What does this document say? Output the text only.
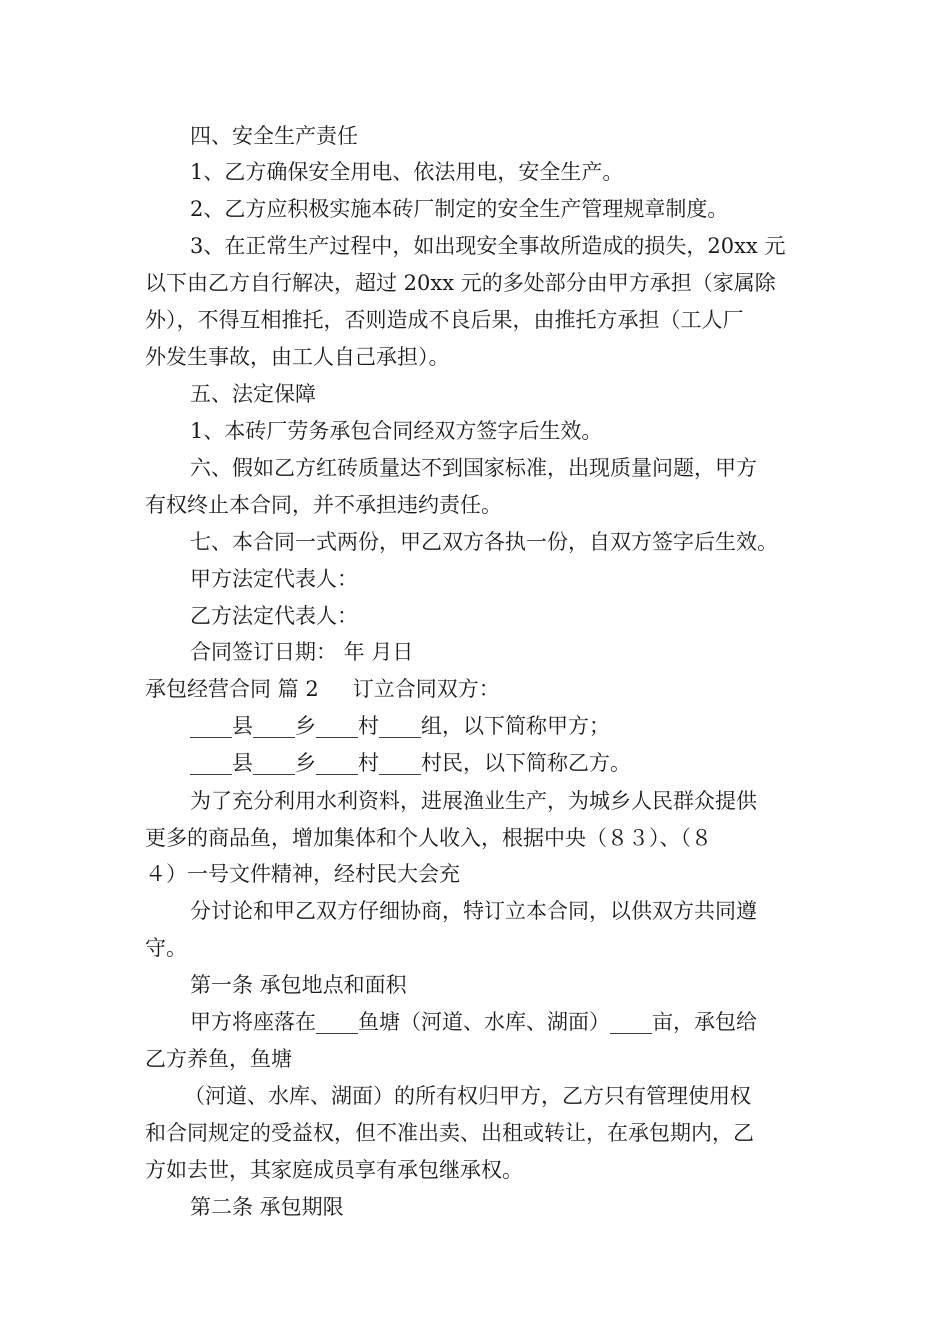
四、安全生产责任
1、乙方确保安全用电、依法用电，安全生产。
2、乙方应积极实施本砖厂制定的安全生产管理规章制度。
3、在正常生产过程中，如出现安全事故所造成的损失，20xx 元
以下由乙方自行解决，超过 20xx 元的多处部分由甲方承担（家属除
外），不得互相推托，否则造成不良后果，由推托方承担（工人厂
外发生事故，由工人自己承担）。
五、法定保障
1、本砖厂劳务承包合同经双方签字后生效。
六、假如乙方红砖质量达不到国家标准，出现质量问题，甲方
有权终止本合同，并不承担违约责任。
七、本合同一式两份，甲乙双方各执一份，自双方签字后生效。
甲方法定代表人：
乙方法定代表人：
合同签订日期： 年 月日
承包经营合同 篇 2 订立合同双方：
____县____乡____村____组，以下简称甲方；
____县____乡____村____村民，以下简称乙方。
为了充分利用水利资料，进展渔业生产，为城乡人民群众提供
更多的商品鱼，增加集体和个人收入，根据中央（８３）、（８
４）一号文件精神，经村民大会充
分讨论和甲乙双方仔细协商，特订立本合同，以供双方共同遵
守。
第一条 承包地点和面积
甲方将座落在____鱼塘（河道、水库、湖面）____亩，承包给
乙方养鱼，鱼塘
（河道、水库、湖面）的所有权归甲方，乙方只有管理使用权
和合同规定的受益权，但不准出卖、出租或转让，在承包期内，乙
方如去世，其家庭成员享有承包继承权。
第二条 承包期限
